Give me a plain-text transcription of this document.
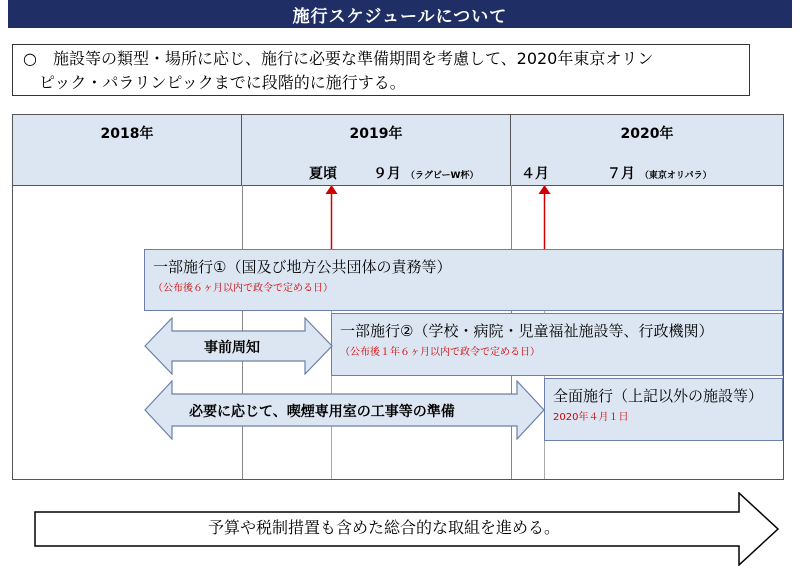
施行スケジュールについて
○　施設等の類型・場所に応じ、施行に必要な準備期間を考慮して、2020年東京オリン
ピック・パラリンピックまでに段階的に施行する。
2018年	2019年	2020年
夏頃	９月 （ラグビーW杯）	４月	７月 （東京オリパラ）
一部施行①（国及び地方公共団体の責務等）
（公布後６ヶ月以内で政令で定める日）
一部施行②（学校・病院・児童福祉施設等、行政機関）
（公布後１年６ヶ月以内で政令で定める日）
全面施行（上記以外の施設等）
2020年４月１日
事前周知
必要に応じて、喫煙専用室の工事等の準備
予算や税制措置も含めた総合的な取組を進める。
